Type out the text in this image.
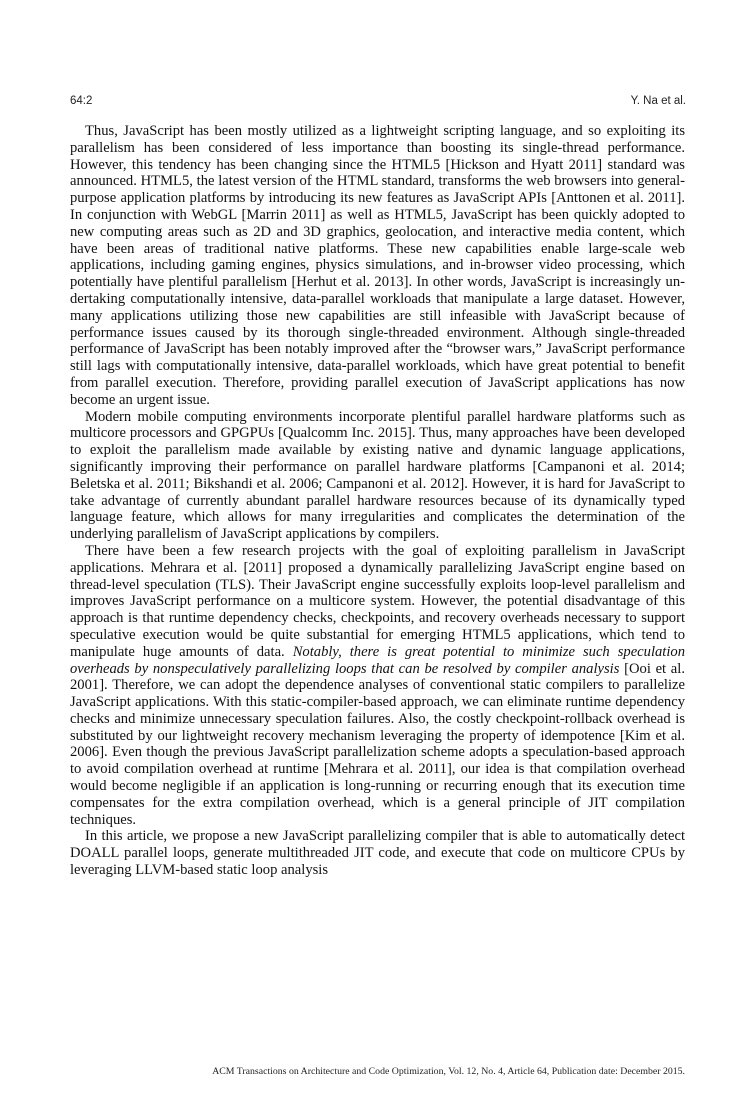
64:2	Y. Na et al.

Thus, JavaScript has been mostly utilized as a lightweight scripting language, and so exploiting its parallelism has been considered of less importance than boosting its single-thread performance. However, this tendency has been changing since the HTML5 [Hickson and Hyatt 2011] standard was announced. HTML5, the latest version of the HTML standard, transforms the web browsers into general-purpose application platforms by introducing its new features as JavaScript APIs [Anttonen et al. 2011]. In conjunction with WebGL [Marrin 2011] as well as HTML5, JavaScript has been quickly adopted to new computing areas such as 2D and 3D graphics, geolocation, and interactive media content, which have been areas of traditional native platforms. These new capabilities enable large-scale web applications, including gaming engines, physics simulations, and in-browser video processing, which potentially have plentiful parallelism [Herhut et al. 2013]. In other words, JavaScript is increasingly undertaking computationally intensive, data-parallel workloads that manipulate a large dataset. However, many applications utilizing those new capabilities are still infeasible with JavaScript because of performance issues caused by its thorough single-threaded environment. Although single-threaded performance of JavaScript has been notably improved after the “browser wars,” JavaScript performance still lags with computationally intensive, data-parallel workloads, which have great potential to benefit from parallel execution. Therefore, providing parallel execution of JavaScript applications has now become an urgent issue.

Modern mobile computing environments incorporate plentiful parallel hardware platforms such as multicore processors and GPGPUs [Qualcomm Inc. 2015]. Thus, many approaches have been developed to exploit the parallelism made available by existing native and dynamic language applications, significantly improving their performance on parallel hardware platforms [Campanoni et al. 2014; Beletska et al. 2011; Bikshandi et al. 2006; Campanoni et al. 2012]. However, it is hard for JavaScript to take advantage of currently abundant parallel hardware resources because of its dynamically typed language feature, which allows for many irregularities and complicates the determination of the underlying parallelism of JavaScript applications by compilers.

There have been a few research projects with the goal of exploiting parallelism in JavaScript applications. Mehrara et al. [2011] proposed a dynamically parallelizing JavaScript engine based on thread-level speculation (TLS). Their JavaScript engine successfully exploits loop-level parallelism and improves JavaScript performance on a multicore system. However, the potential disadvantage of this approach is that runtime dependency checks, checkpoints, and recovery overheads necessary to support speculative execution would be quite substantial for emerging HTML5 applications, which tend to manipulate huge amounts of data. Notably, there is great potential to minimize such speculation overheads by nonspeculatively parallelizing loops that can be resolved by compiler analysis [Ooi et al. 2001]. Therefore, we can adopt the dependence analyses of conventional static compilers to parallelize JavaScript applications. With this static-compiler-based approach, we can eliminate runtime dependency checks and minimize unnecessary speculation failures. Also, the costly checkpoint-rollback overhead is substituted by our lightweight recovery mechanism leveraging the property of idempotence [Kim et al. 2006]. Even though the previous JavaScript parallelization scheme adopts a speculation-based approach to avoid compilation overhead at runtime [Mehrara et al. 2011], our idea is that compilation overhead would become negligible if an application is long-running or recurring enough that its execution time compensates for the extra compilation overhead, which is a general principle of JIT compilation techniques.

In this article, we propose a new JavaScript parallelizing compiler that is able to automatically detect DOALL parallel loops, generate multithreaded JIT code, and execute that code on multicore CPUs by leveraging LLVM-based static loop analysis

ACM Transactions on Architecture and Code Optimization, Vol. 12, No. 4, Article 64, Publication date: December 2015.
